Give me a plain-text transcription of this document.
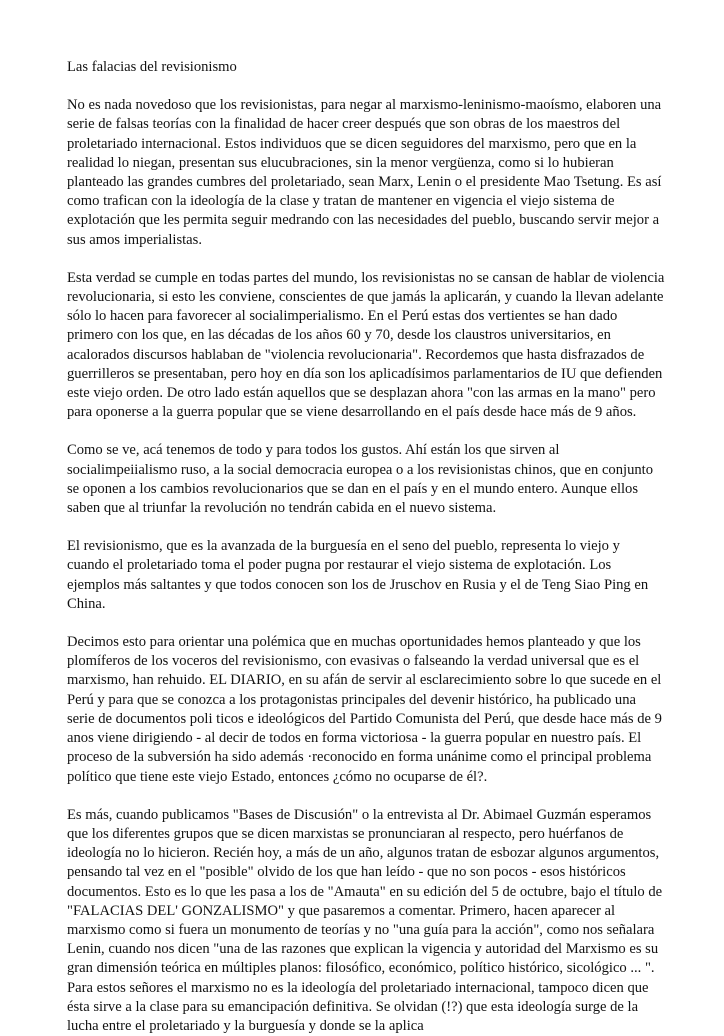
Las falacias del revisionismo

No es nada novedoso que los revisionistas, para negar al marxismo-leninismo-maoísmo, elaboren una serie de falsas teorías con la finalidad de hacer creer después que son obras de los maestros del proletariado internacional. Estos individuos que se dicen seguidores del marxismo, pero que en la realidad lo niegan, presentan sus elucubraciones, sin la menor vergüenza, como si lo hubieran planteado las grandes cumbres del proletariado, sean Marx, Lenin o el presidente Mao Tsetung. Es así como trafican con la ideología de la clase y tratan de mantener en vigencia el viejo sistema de explotación que les permita seguir medrando con las necesidades del pueblo, buscando servir mejor a sus amos imperialistas.

Esta verdad se cumple en todas partes del mundo, los revisionistas no se cansan de hablar de violencia revolucionaria, si esto les conviene, conscientes de que jamás la aplicarán, y cuando la llevan adelante sólo lo hacen para favorecer al socialimperialismo. En el Perú estas dos vertientes se han dado primero con los que, en las décadas de los años 60 y 70, desde los claustros universitarios, en acalorados discursos hablaban de "violencia revolucionaria". Recordemos que hasta disfrazados de guerrilleros se presentaban, pero hoy en día son los aplicadísimos parlamentarios de IU que defienden este viejo orden. De otro lado están aquellos que se desplazan ahora "con las armas en la mano" pero para oponerse a la guerra popular que se viene desarrollando en el país desde hace más de 9 años.

Como se ve, acá tenemos de todo y para todos los gustos. Ahí están los que sirven al socialimpeiialismo ruso, a la social democracia europea o a los revisionistas chinos, que en conjunto se oponen a los cambios revolucionarios que se dan en el país y en el mundo entero. Aunque ellos saben que al triunfar la revolución no tendrán cabida en el nuevo sistema.

El revisionismo, que es la avanzada de la burguesía en el seno del pueblo, representa lo viejo y cuando el proletariado toma el poder pugna por restaurar el viejo sistema de explotación. Los ejemplos más saltantes y que todos conocen son los de Jruschov en Rusia y el de Teng Siao Ping en China.

Decimos esto para orientar una polémica que en muchas oportunidades hemos planteado y que los plomíferos de los voceros del revisionismo, con evasivas o falseando la verdad universal que es el marxismo, han rehuido. EL DIARIO, en su afán de servir al esclarecimiento sobre lo que sucede en el Perú y para que se conozca a los protagonistas principales del devenir histórico, ha publicado una serie de documentos poli ticos e ideológicos del Partido Comunista del Perú, que desde hace más de 9 anos viene dirigiendo - al decir de todos en forma victoriosa - la guerra popular en nuestro país. El proceso de la subversión ha sido además ·reconocido en forma unánime como el principal problema político que tiene este viejo Estado, entonces ¿cómo no ocuparse de él?.

Es más, cuando publicamos "Bases de Discusión" o la entrevista al Dr. Abimael Guzmán esperamos que los diferentes grupos que se dicen marxistas se pronunciaran al respecto, pero huérfanos de ideología no lo hicieron. Recién hoy, a más de un año, algunos tratan de esbozar algunos argumentos, pensando tal vez en el "posible" olvido de los que han leído - que no son pocos - esos históricos documentos. Esto es lo que les pasa a los de "Amauta" en su edición del 5 de octubre, bajo el título de "FALACIAS DEL' GONZALISMO" y que pasaremos a comentar. Primero, hacen aparecer al marxismo como si fuera un monumento de teorías y no "una guía para la acción", como nos señalara Lenin, cuando nos dicen "una de las razones que explican la vigencia y autoridad del Marxismo es su gran dimensión teórica en múltiples planos: filosófico, económico, político histórico, sicológico ... ". Para estos señores el marxismo no es la ideología del proletariado internacional, tampoco dicen que ésta sirve a la clase para su emancipación definitiva. Se olvidan (!?) que esta ideología surge de la lucha entre el proletariado y la burguesía y donde se la aplica
